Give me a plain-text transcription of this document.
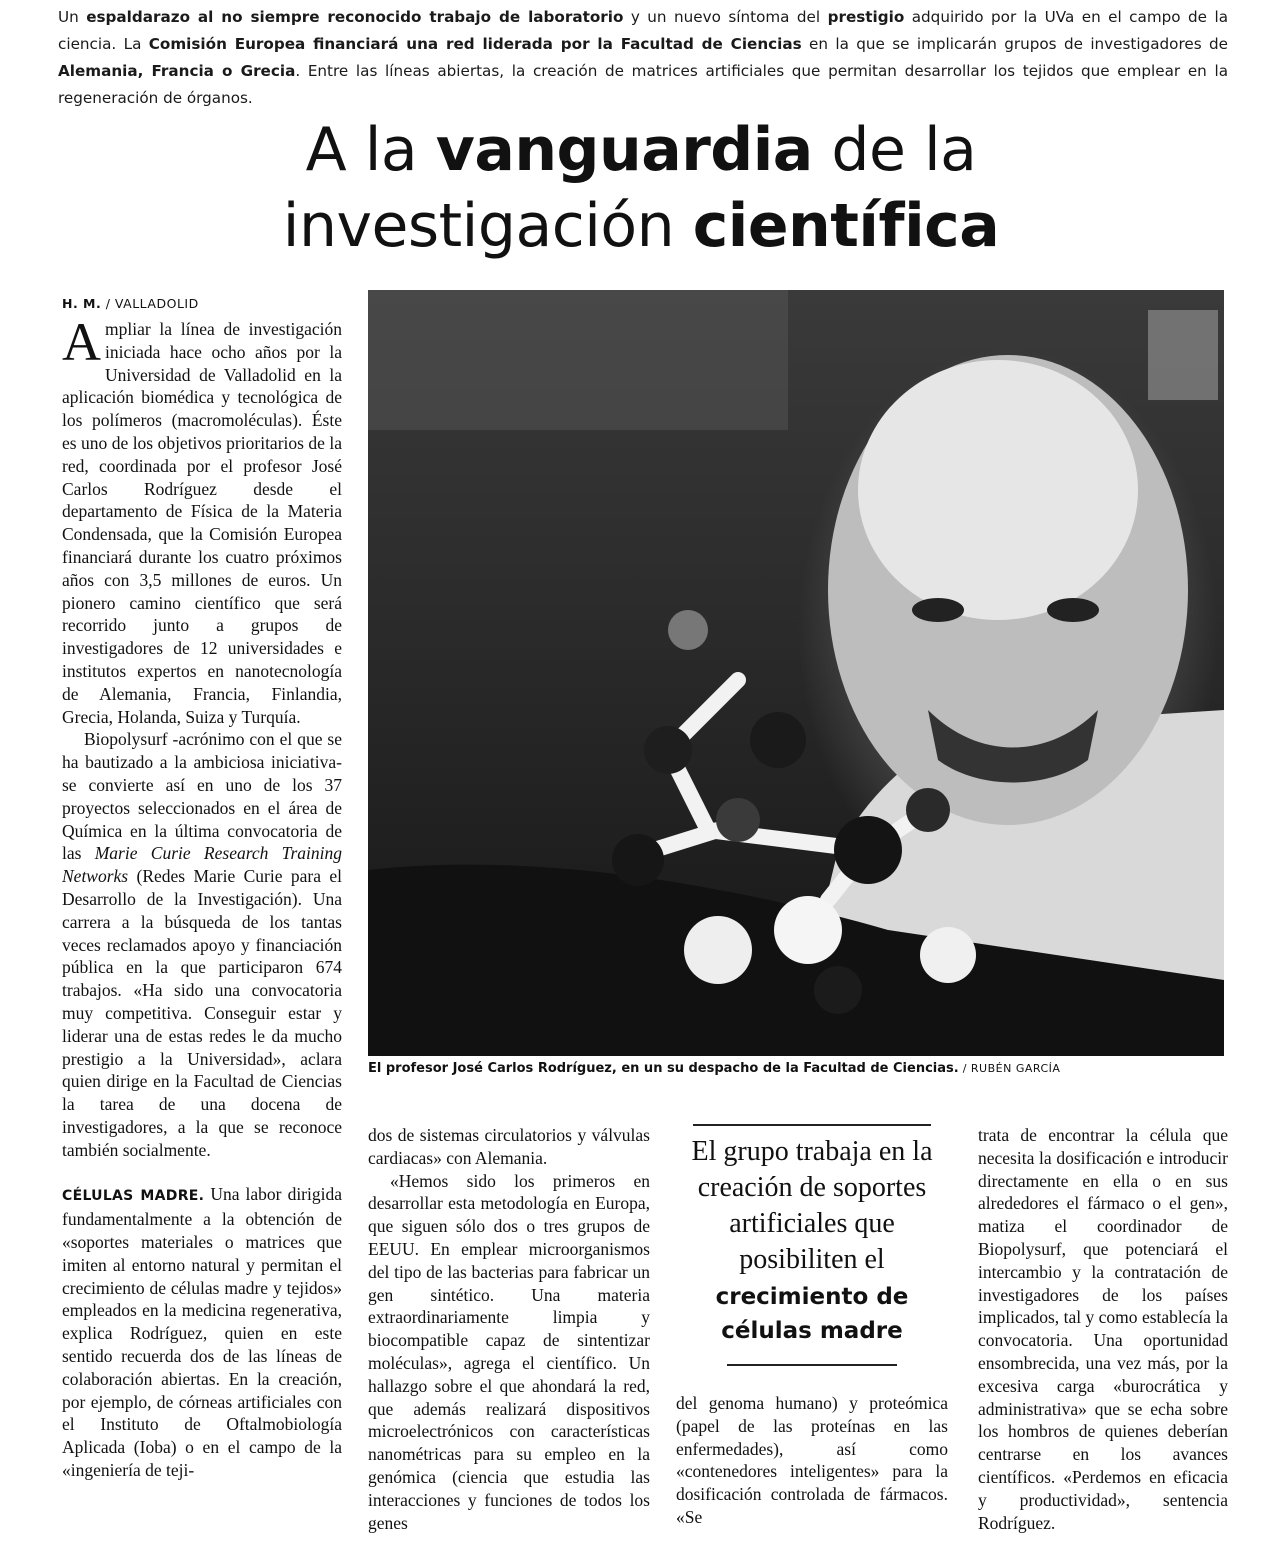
Un espaldarazo al no siempre reconocido trabajo de laboratorio y un nuevo síntoma del prestigio adquirido por la UVa en el campo de la ciencia. La Comisión Europea financiará una red liderada por la Facultad de Ciencias en la que se implicarán grupos de investigadores de Alemania, Francia o Grecia. Entre las líneas abiertas, la creación de matrices artificiales que permitan desarrollar los tejidos que emplear en la regeneración de órganos.
A la vanguardia de la
investigación científica
H. M. / VALLADOLID

Ampliar la línea de investigación iniciada hace ocho años por la Universidad de Valladolid en la aplicación biomédica y tecnológica de los polímeros (macromoléculas). Éste es uno de los objetivos prioritarios de la red, coordinada por el profesor José Carlos Rodríguez desde el departamento de Física de la Materia Condensada, que la Comisión Europea financiará durante los cuatro próximos años con 3,5 millones de euros. Un pionero camino científico que será recorrido junto a grupos de investigadores de 12 universidades e institutos expertos en nanotecnología de Alemania, Francia, Finlandia, Grecia, Holanda, Suiza y Turquía.

Biopolysurf -acrónimo con el que se ha bautizado a la ambiciosa iniciativa- se convierte así en uno de los 37 proyectos seleccionados en el área de Química en la última convocatoria de las Marie Curie Research Training Networks (Redes Marie Curie para el Desarrollo de la Investigación). Una carrera a la búsqueda de los tantas veces reclamados apoyo y financiación pública en la que participaron 674 trabajos. «Ha sido una convocatoria muy competitiva. Conseguir estar y liderar una de estas redes le da mucho prestigio a la Universidad», aclara quien dirige en la Facultad de Ciencias la tarea de una docena de investigadores, a la que se reconoce también socialmente.

CÉLULAS MADRE. Una labor dirigida fundamentalmente a la obtención de «soportes materiales o matrices que imiten al entorno natural y permitan el crecimiento de células madre y tejidos» empleados en la medicina regenerativa, explica Rodríguez, quien en este sentido recuerda dos de las líneas de colaboración abiertas. En la creación, por ejemplo, de córneas artificiales con el Instituto de Oftalmobiología Aplicada (Ioba) o en el campo de la «ingeniería de teji-

El profesor José Carlos Rodríguez, en un su despacho de la Facultad de Ciencias. / RUBÉN GARCÍA

dos de sistemas circulatorios y válvulas cardiacas» con Alemania.

«Hemos sido los primeros en desarrollar esta metodología en Europa, que siguen sólo dos o tres grupos de EEUU. En emplear microorganismos del tipo de las bacterias para fabricar un gen sintético. Una materia extraordinariamente limpia y biocompatible capaz de sintentizar moléculas», agrega el científico. Un hallazgo sobre el que ahondará la red, que además realizará dispositivos microelectrónicos con características nanométricas para su empleo en la genómica (ciencia que estudia las interacciones y funciones de todos los genes

El grupo trabaja en la creación de soportes artificiales que posibiliten el
crecimiento de células madre

del genoma humano) y proteómica (papel de las proteínas en las enfermedades), así como «contenedores inteligentes» para la dosificación controlada de fármacos. «Se

trata de encontrar la célula que necesita la dosificación e introducir directamente en ella o en sus alrededores el fármaco o el gen», matiza el coordinador de Biopolysurf, que potenciará el intercambio y la contratación de investigadores de los países implicados, tal y como establecía la convocatoria. Una oportunidad ensombrecida, una vez más, por la excesiva carga «burocrática y administrativa» que se echa sobre los hombros de quienes deberían centrarse en los avances científicos. «Perdemos en eficacia y productividad», sentencia Rodríguez.
